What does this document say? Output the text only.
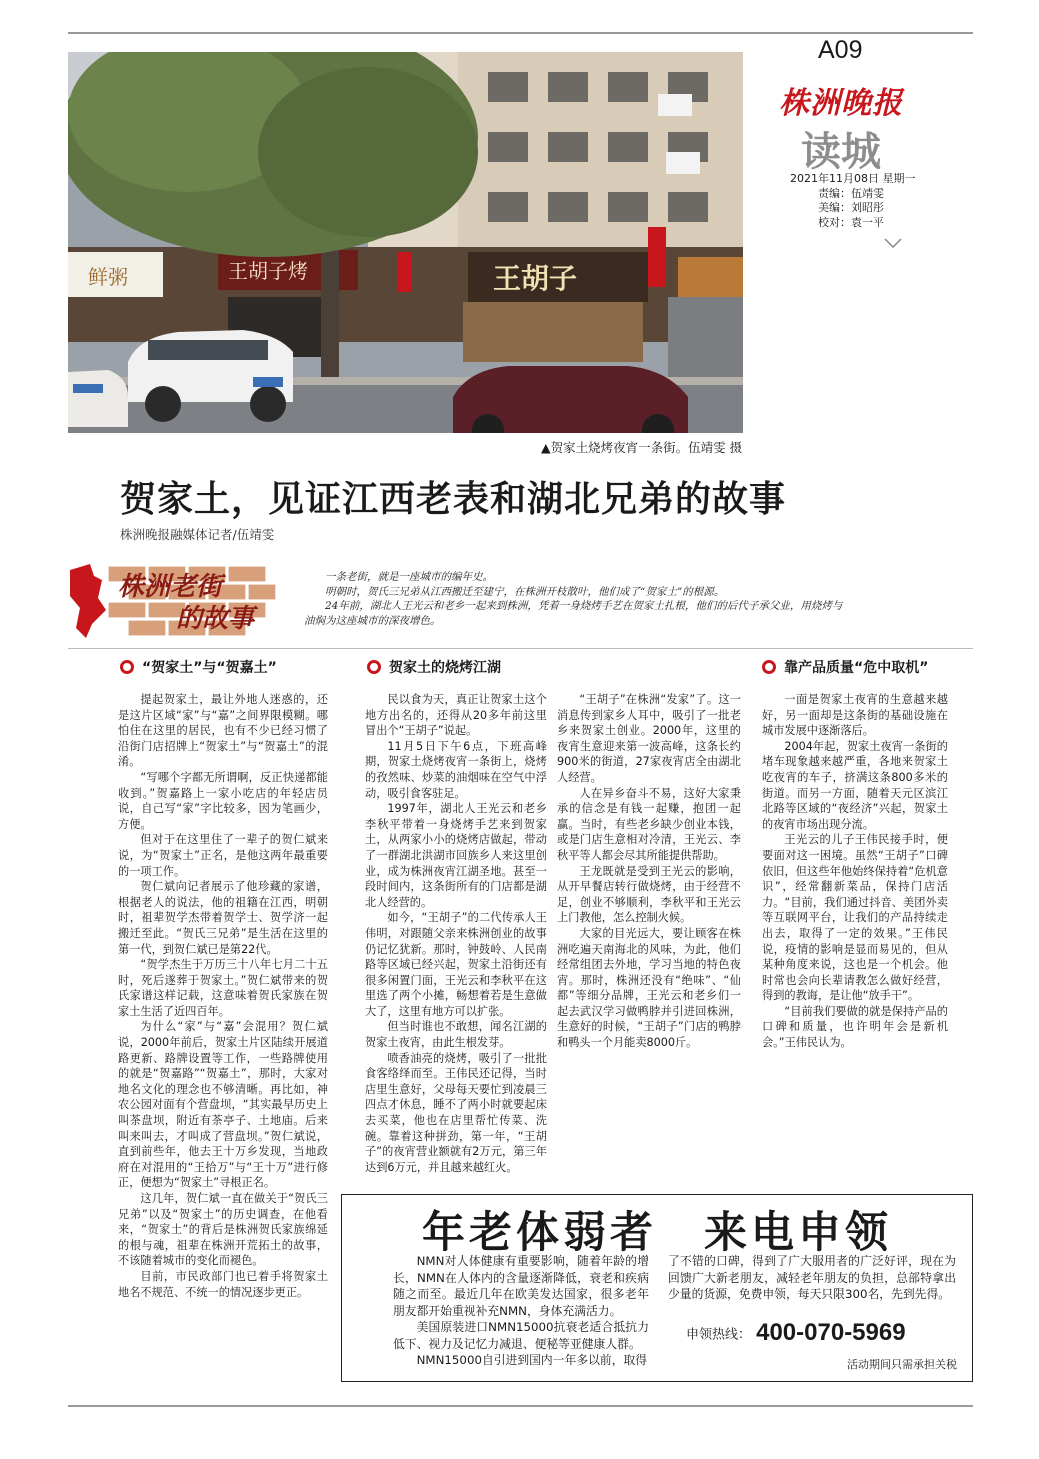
A09
株洲晚报
读城
2021年11月08日 星期一
责编：伍靖雯
美编：刘昭彤
校对：袁一平
鲜粥	王胡子烤	王胡子
▲贺家土烧烤夜宵一条街。伍靖雯 摄
贺家土，见证江西老表和湖北兄弟的故事
株洲晚报融媒体记者/伍靖雯
株洲老街
的故事

一条老街，就是一座城市的编年史。

明朝时，贺氏三兄弟从江西搬迁至建宁，在株洲开枝散叶，他们成了“贺家土”的根源。

24年前，湖北人王光云和老乡一起来到株洲，凭着一身烧烤手艺在贺家土扎根，他们的后代子承父业，用烧烤与油焖为这座城市的深夜增色。

“贺家土”与“贺嘉土”	贺家土的烧烤江湖	靠产品质量“危中取机”

提起贺家土，最让外地人迷惑的，还是这片区域“家”与“嘉”之间界限模糊。哪怕住在这里的居民，也有不少已经习惯了沿街门店招牌上“贺家土”与“贺嘉土”的混淆。

“写哪个字都无所谓啊，反正快递都能收到。”贺嘉路上一家小吃店的年轻店员说，自己写“家”字比较多，因为笔画少，方便。

但对于在这里住了一辈子的贺仁斌来说，为“贺家土”正名，是他这两年最重要的一项工作。

贺仁斌向记者展示了他珍藏的家谱，根据老人的说法，他的祖籍在江西，明朝时，祖辈贺学杰带着贺学士、贺学济一起搬迁至此。“贺氏三兄弟”是生活在这里的第一代，到贺仁斌已是第22代。

“贺学杰生于万历三十八年七月二十五时，死后遂葬于贺家土。”贺仁斌带来的贺氏家谱这样记载，这意味着贺氏家族在贺家土生活了近四百年。

为什么“家”与“嘉”会混用？贺仁斌说，2000年前后，贺家土片区陆续开展道路更新、路牌设置等工作，一些路牌使用的就是“贺嘉路”“贺嘉土”，那时，大家对地名文化的理念也不够清晰。再比如，神农公园对面有个营盘坝，“其实最早历史上叫茶盘坝，附近有茶亭子、土地庙。后来叫来叫去，才叫成了营盘坝。”贺仁斌说，直到前些年，他去王十万乡发现，当地政府在对混用的“王拾万”与“王十万”进行修正，便想为“贺家土”寻根正名。

这几年，贺仁斌一直在做关于“贺氏三兄弟”以及“贺家土”的历史调查，在他看来，“贺家土”的背后是株洲贺氏家族绵延的根与魂，祖辈在株洲开荒拓土的故事，不该随着城市的变化而褪色。

目前，市民政部门也已着手将贺家土地名不规范、不统一的情况逐步更正。

民以食为天，真正让贺家土这个地方出名的，还得从20多年前这里冒出个“王胡子”说起。

11月5日下午6点，下班高峰期，贺家土烧烤夜宵一条街上，烧烤的孜然味、炒菜的油烟味在空气中浮动，吸引食客驻足。

1997年，湖北人王光云和老乡李秋平带着一身烧烤手艺来到贺家土，从两家小小的烧烤店做起，带动了一群湖北洪湖市回族乡人来这里创业，成为株洲夜宵江湖圣地。甚至一段时间内，这条街所有的门店都是湖北人经营的。

如今，“王胡子”的二代传承人王伟明，对跟随父亲来株洲创业的故事仍记忆犹新。那时，钟鼓岭、人民南路等区域已经兴起，贺家土沿街还有很多闲置门面，王光云和李秋平在这里选了两个小摊，畅想着若是生意做大了，这里有地方可以扩张。

但当时谁也不敢想，闻名江湖的贺家土夜宵，由此生根发芽。

喷香油亮的烧烤，吸引了一批批食客络绎而至。王伟民还记得，当时店里生意好，父母每天要忙到凌晨三四点才休息，睡不了两小时就要起床去买菜，他也在店里帮忙传菜、洗碗。靠着这种拼劲，第一年，“王胡子”的夜宵营业额就有2万元，第三年达到6万元，并且越来越红火。

“王胡子”在株洲“发家”了。这一消息传到家乡人耳中，吸引了一批老乡来贺家土创业。2000年，这里的夜宵生意迎来第一波高峰，这条长约900米的街道，27家夜宵店全由湖北人经营。

人在异乡奋斗不易，这好大家秉承的信念是有钱一起赚，抱团一起赢。当时，有些老乡缺少创业本钱，或是门店生意相对冷清，王光云、李秋平等人都会尽其所能提供帮助。

王龙既就是受到王光云的影响，从开早餐店转行做烧烤，由于经营不足，创业不够顺利，李秋平和王光云上门教他，怎么控制火候。

大家的目光远大，要让顾客在株洲吃遍天南海北的风味，为此，他们经常组团去外地，学习当地的特色夜宵。那时，株洲还没有“绝味”、“仙都”等细分品牌，王光云和老乡们一起去武汉学习做鸭脖并引进回株洲，生意好的时候，“王胡子”门店的鸭脖和鸭头一个月能卖8000斤。

一面是贺家土夜宵的生意越来越好，另一面却是这条街的基础设施在城市发展中逐渐落后。

2004年起，贺家土夜宵一条街的堵车现象越来越严重，各地来贺家土吃夜宵的车子，挤满这条800多米的街道。而另一方面，随着天元区滨江北路等区域的“夜经济”兴起，贺家土的夜宵市场出现分流。

王光云的儿子王伟民接手时，便要面对这一困境。虽然“王胡子”口碑依旧，但这些年他始终保持着“危机意识”，经常翻新菜品，保持门店活力。“目前，我们通过抖音、美团外卖等互联网平台，让我们的产品持续走出去，取得了一定的效果。”王伟民说，疫情的影响是显而易见的，但从某种角度来说，这也是一个机会。他时常也会向长辈请教怎么做好经营，得到的教诲，是让他“放手干”。

“目前我们要做的就是保持产品的口碑和质量，也许明年会是新机会。”王伟民认为。

年老体弱者　来电申领

NMN对人体健康有重要影响，随着年龄的增长，NMN在人体内的含量逐渐降低，衰老和疾病随之而至。最近几年在欧美发达国家，很多老年朋友都开始重视补充NMN，身体充满活力。

美国原装进口NMN15000抗衰老适合抵抗力低下、视力及记忆力减退、便秘等亚健康人群。

NMN15000自引进到国内一年多以前，取得

了不错的口碑，得到了广大服用者的广泛好评，现在为回馈广大新老朋友，减轻老年朋友的负担，总部特拿出少量的货源，免费申领，每天只限300名，先到先得。

申领热线： 400-070-5969
活动期间只需承担关税
